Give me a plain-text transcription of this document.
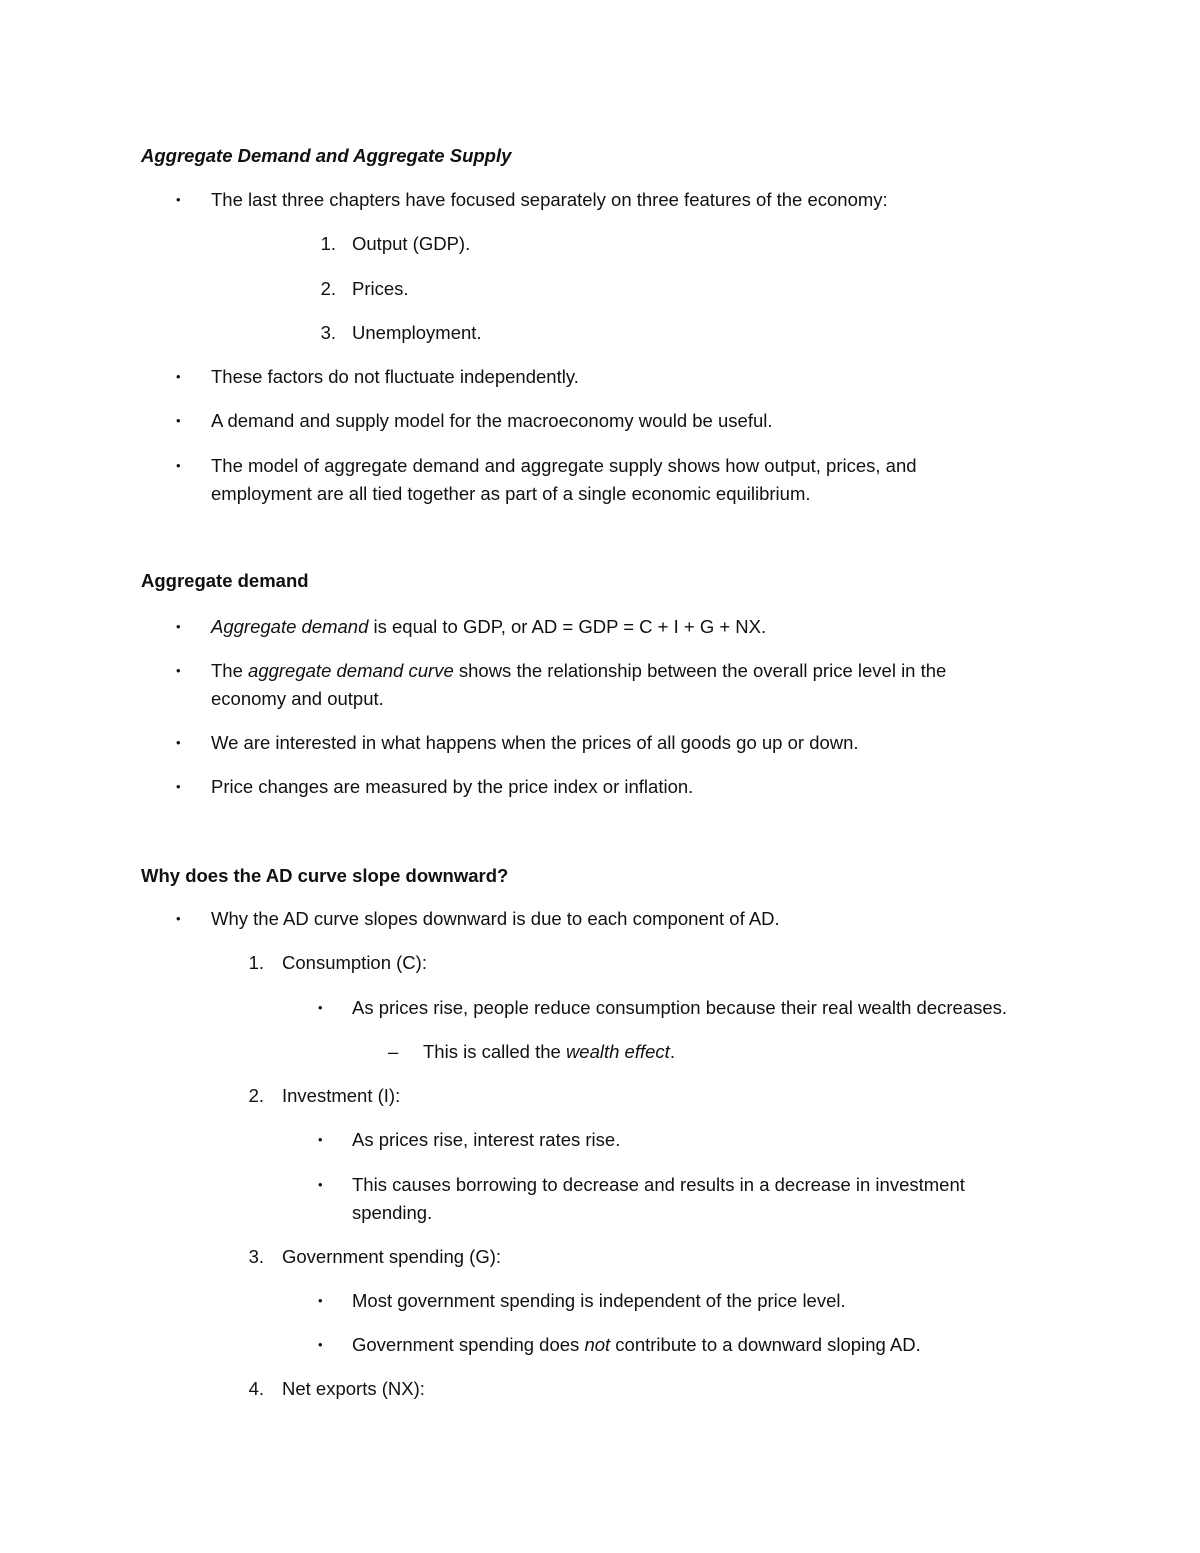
Aggregate Demand and Aggregate Supply
• The last three chapters have focused separately on three features of the economy:
1. Output (GDP).
2. Prices.
3. Unemployment.
• These factors do not fluctuate independently.
• A demand and supply model for the macroeconomy would be useful.
• The model of aggregate demand and aggregate supply shows how output, prices, and
employment are all tied together as part of a single economic equilibrium.
Aggregate demand
• Aggregate demand is equal to GDP, or AD = GDP = C + I + G + NX.
• The aggregate demand curve shows the relationship between the overall price level in the
economy and output.
• We are interested in what happens when the prices of all goods go up or down.
• Price changes are measured by the price index or inflation.
Why does the AD curve slope downward?
• Why the AD curve slopes downward is due to each component of AD.
1. Consumption (C):
• As prices rise, people reduce consumption because their real wealth decreases.
– This is called the wealth effect.
2. Investment (I):
• As prices rise, interest rates rise.
• This causes borrowing to decrease and results in a decrease in investment
spending.
3. Government spending (G):
• Most government spending is independent of the price level.
• Government spending does not contribute to a downward sloping AD.
4. Net exports (NX):
